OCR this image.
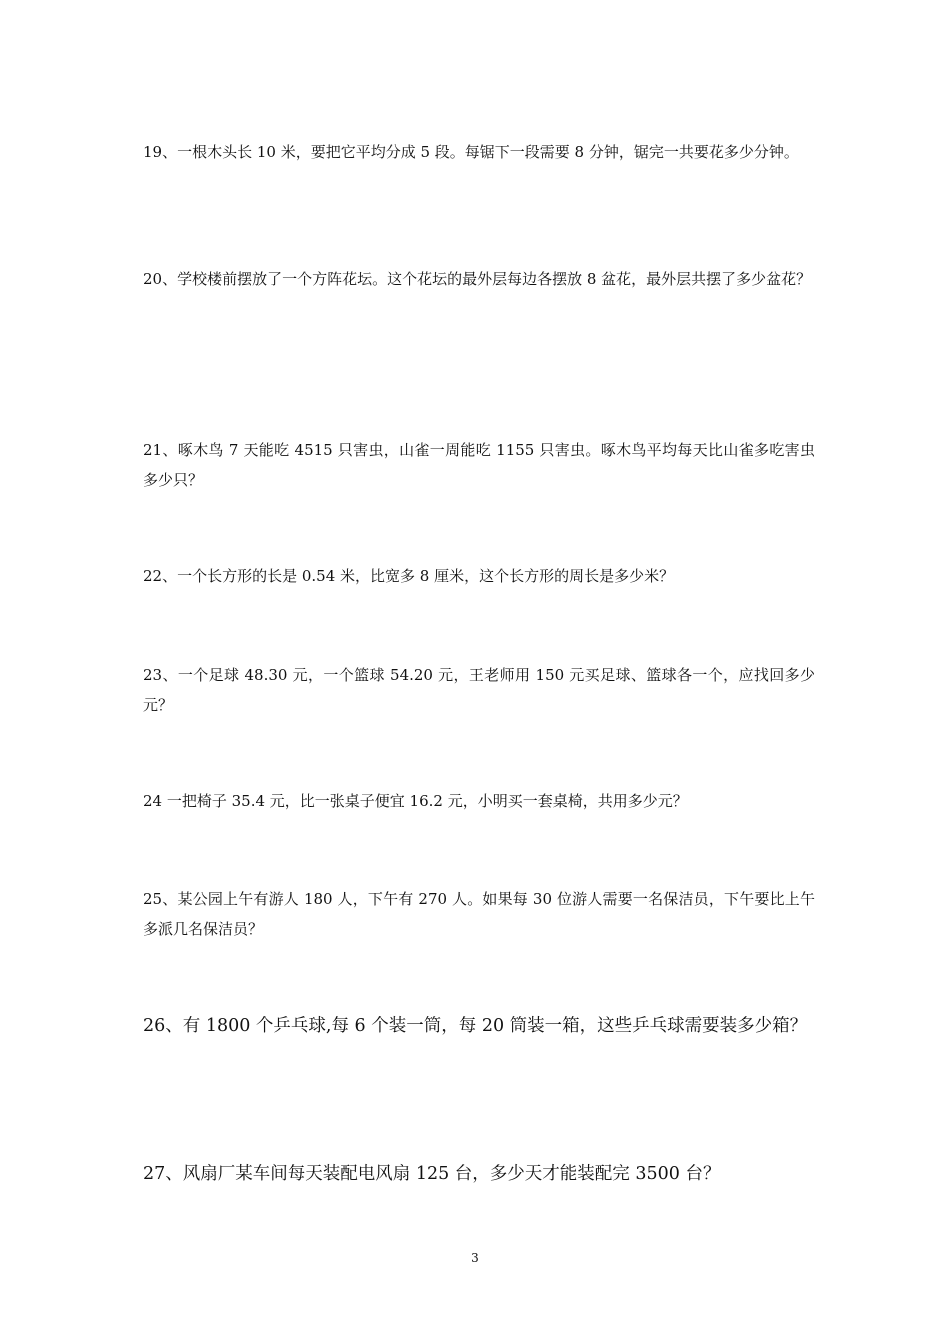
19、一根木头长 10 米，要把它平均分成 5 段。每锯下一段需要 8 分钟，锯完一共要花多少分钟。

20、学校楼前摆放了一个方阵花坛。这个花坛的最外层每边各摆放 8 盆花，最外层共摆了多少盆花？

21、啄木鸟 7 天能吃 4515 只害虫，山雀一周能吃 1155 只害虫。啄木鸟平均每天比山雀多吃害虫多少只？

22、一个长方形的长是 0.54 米，比宽多 8 厘米，这个长方形的周长是多少米？

23、一个足球 48.30 元，一个篮球 54.20 元，王老师用 150 元买足球、篮球各一个，应找回多少元？

24 一把椅子 35.4 元，比一张桌子便宜 16.2 元，小明买一套桌椅，共用多少元？

25、某公园上午有游人 180 人，下午有 270 人。如果每 30 位游人需要一名保洁员，下午要比上午多派几名保洁员？

26、有 1800 个乒乓球,每 6 个装一筒，每 20 筒装一箱，这些乒乓球需要装多少箱？

27、风扇厂某车间每天装配电风扇 125 台，多少天才能装配完 3500 台？

3
